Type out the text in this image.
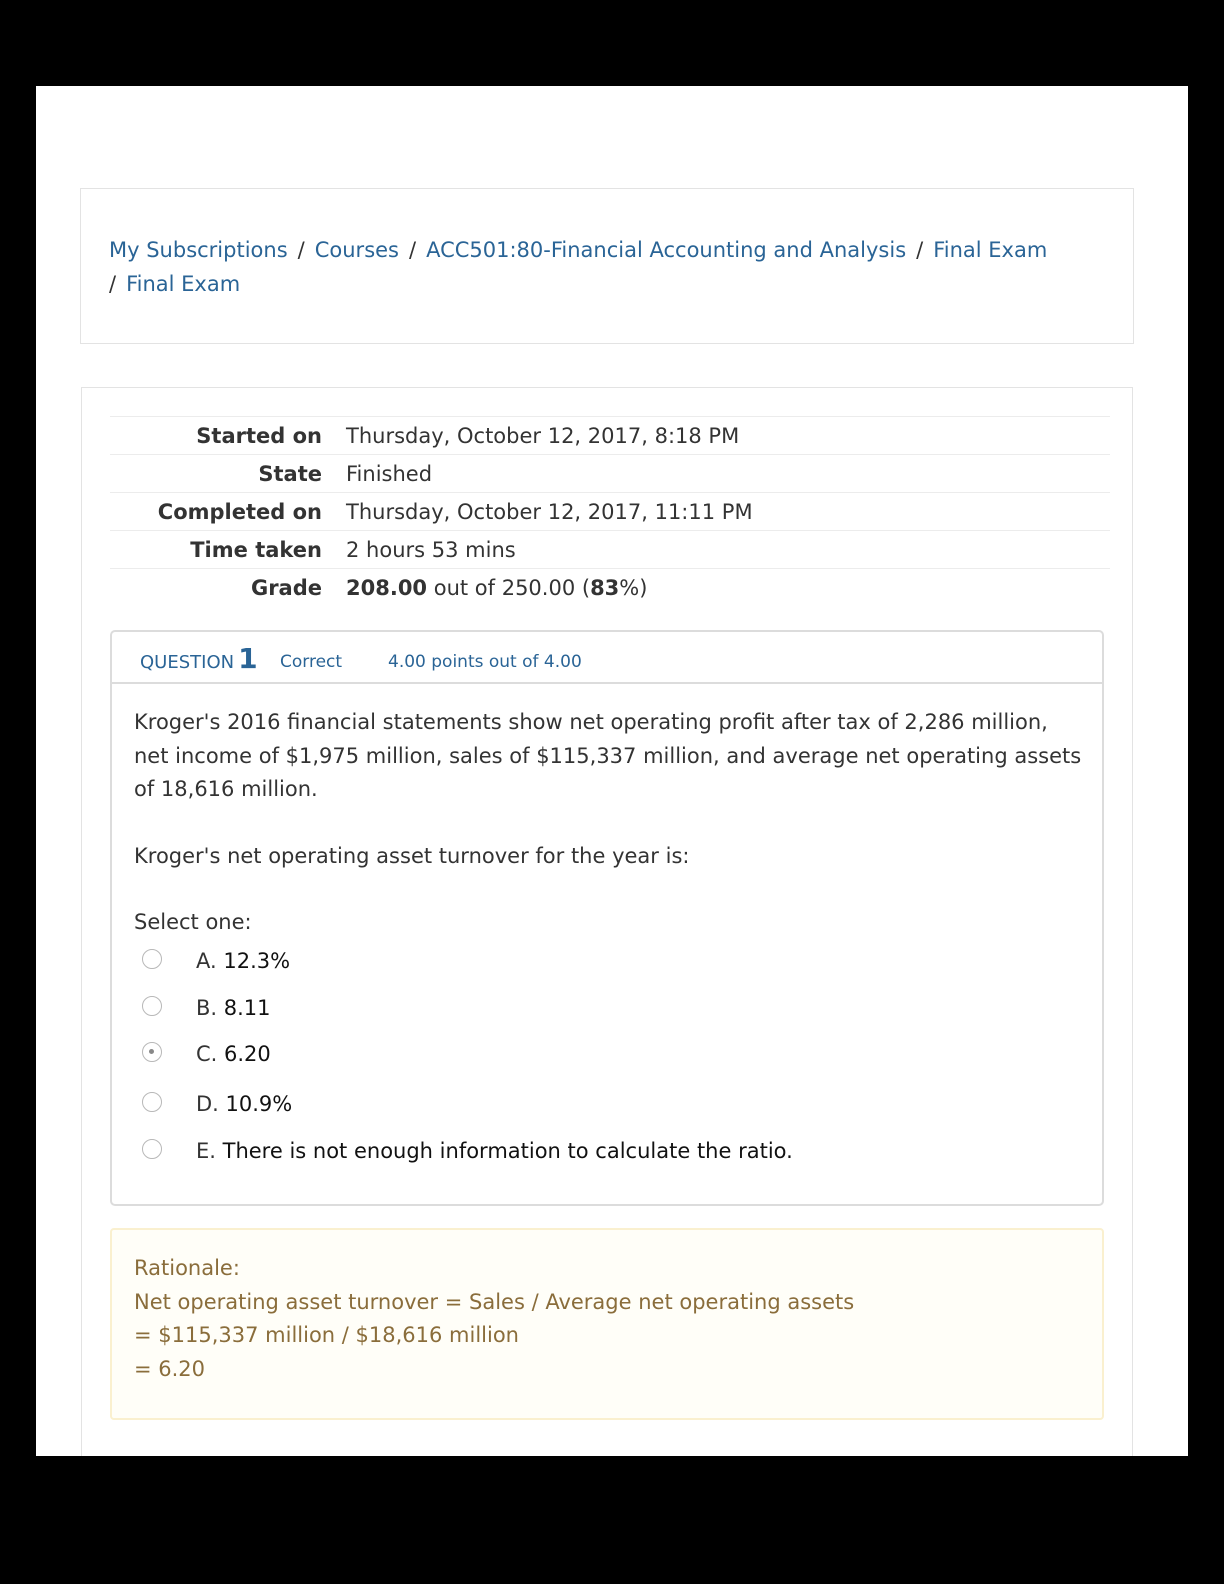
My Subscriptions / Courses / ACC501:80-Financial Accounting and Analysis / Final Exam
/ Final Exam
Started on	Thursday, October 12, 2017, 8:18 PM
State	Finished
Completed on	Thursday, October 12, 2017, 11:11 PM
Time taken	2 hours 53 mins
Grade	208.00 out of 250.00 (83%)
QUESTION 1 Correct	4.00 points out of 4.00

Kroger's 2016 financial statements show net operating profit after tax of 2,286 million, net income of $1,975 million, sales of $115,337 million, and average net operating assets of 18,616 million.

Kroger's net operating asset turnover for the year is:

Select one:

A. 12.3%
B. 8.11
C. 6.20
D. 10.9%
E. There is not enough information to calculate the ratio.
Rationale:
Net operating asset turnover = Sales / Average net operating assets
= $115,337 million / $18,616 million
= 6.20
